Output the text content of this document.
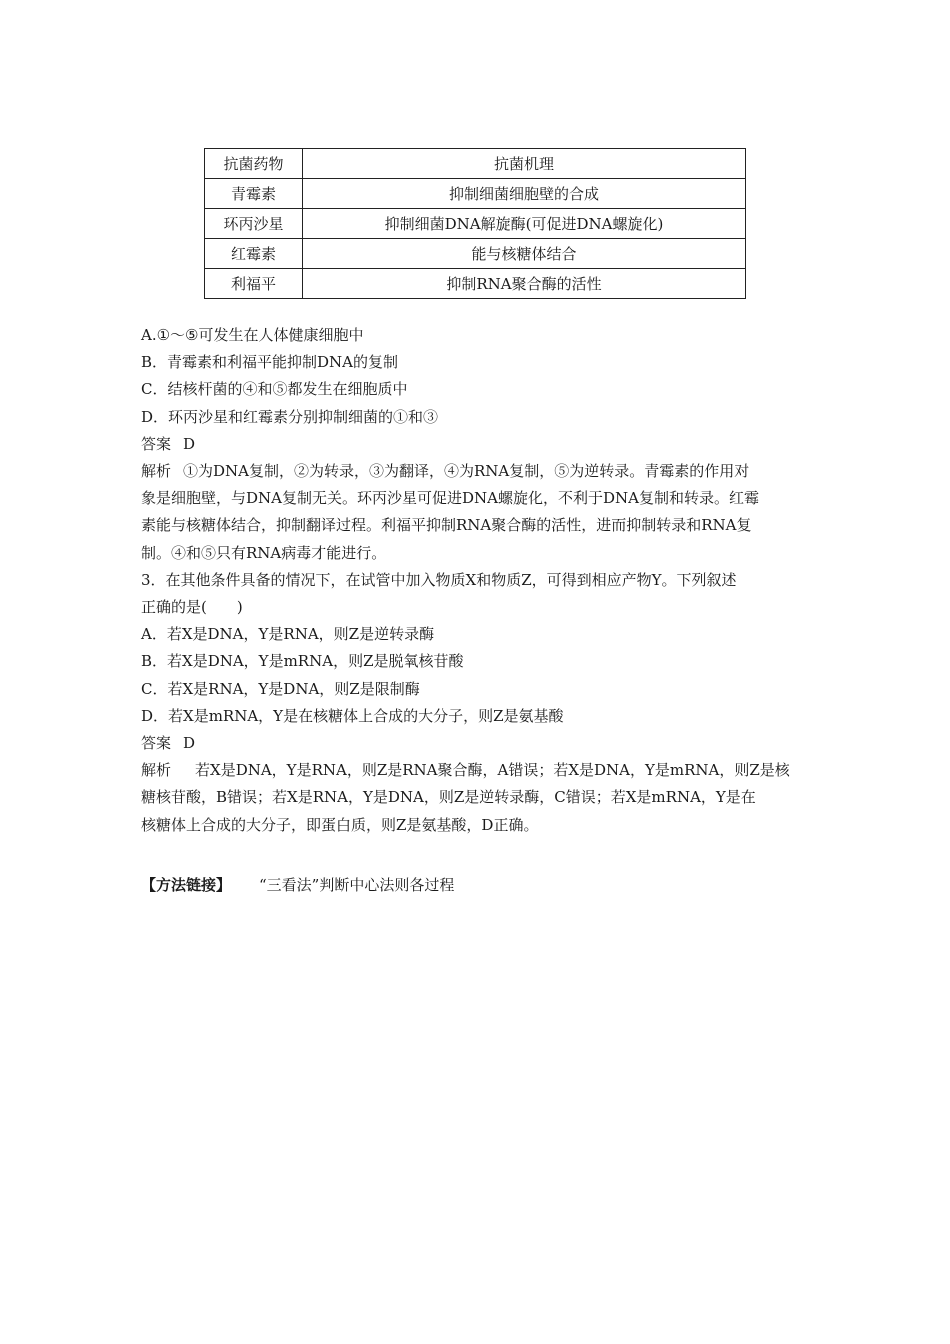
抗菌药物	抗菌机理
青霉素	抑制细菌细胞壁的合成
环丙沙星	抑制细菌DNA解旋酶(可促进DNA螺旋化)
红霉素	能与核糖体结合
利福平	抑制RNA聚合酶的活性

A.①～⑤可发生在人体健康细胞中

B．青霉素和利福平能抑制DNA的复制

C．结核杆菌的④和⑤都发生在细胞质中

D．环丙沙星和红霉素分别抑制细菌的①和③

答案 D

解析 ①为DNA复制，②为转录，③为翻译，④为RNA复制，⑤为逆转录。青霉素的作用对

象是细胞壁，与DNA复制无关。环丙沙星可促进DNA螺旋化，不利于DNA复制和转录。红霉

素能与核糖体结合，抑制翻译过程。利福平抑制RNA聚合酶的活性，进而抑制转录和RNA复

制。④和⑤只有RNA病毒才能进行。

3．在其他条件具备的情况下，在试管中加入物质X和物质Z，可得到相应产物Y。下列叙述

正确的是(　　)

A．若X是DNA，Y是RNA，则Z是逆转录酶

B．若X是DNA，Y是mRNA，则Z是脱氧核苷酸

C．若X是RNA，Y是DNA，则Z是限制酶

D．若X是mRNA，Y是在核糖体上合成的大分子，则Z是氨基酸

答案 D

解析 若X是DNA，Y是RNA，则Z是RNA聚合酶，A错误；若X是DNA，Y是mRNA，则Z是核

糖核苷酸，B错误；若X是RNA，Y是DNA，则Z是逆转录酶，C错误；若X是mRNA，Y是在

核糖体上合成的大分子，即蛋白质，则Z是氨基酸，D正确。

【方法链接】 “三看法”判断中心法则各过程
